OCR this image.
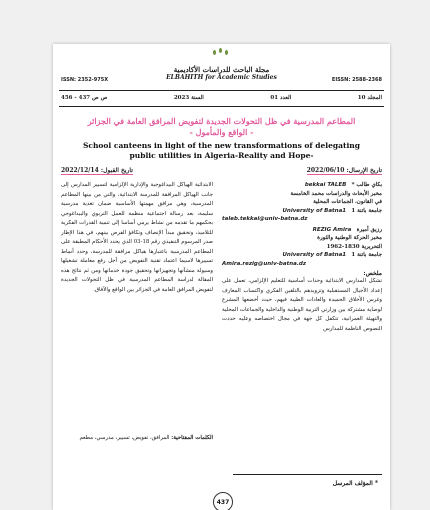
مجلة الباحث للدراسات الأكاديمية
ELBAHITH for Academic Studies
ISSN: 2352-975X	EISSN: 2588-2368
المجلد 10
العدد 01
السنة 2023
ص ص 437 - 456
المطاعم المدرسية في ظل التحولات الجديدة لتفويض المرافق العامة في الجزائر
- الواقع والمأمول -
School canteens in light of the new transformations of delegating
public utilities in Algeria-Reality and Hope-
تاريخ الإرسال: 2022/06/10
تاريخ القبول: 2022/12/14
بكاي طالب *   bekkai TALEB
مخبر الأبحاث والدراسات محمد الخامسة
في القانون، الجماعات المحلية
جامعة باتنة 1   University of Batna1
taleb.tekkai@univ-batna.dz
رزيق أميرة   REZIG Amira
مخبر الحركة الوطنية والثورة
التحريرية 1830-1962
جامعة باتنة 1   University of Batna1
Amira.rezig@univ-batna.dz
ملخص:

تشكل المدارس الابتدائية وحدات أساسية للتعليم الإلزامي، تعمل على إعداد الأجيال المستقبلية وتزويدهم بالتلقين الفكري واكتساب المعارف وغرس الأخلاق الحميدة والعادات الطيبة فيهم، حيث أخضعها المشرع لوصاية مشتركة بين وزارتي التربية الوطنية والداخلية والجماعات المحلية والتهيئة العمرانية، تتكفل كل جهة في مجال اختصاصه وعليه حددت النصوص الناظمة للمدارس

الابتدائية الهياكل البيداغوجية والإدارية الإلزامية لتسيير المدارس إلى جانب الهياكل المرافقة للمدرسة الابتدائية، والتي من بينها المطاعم المدرسية، وهي مرافق مهمتها الأساسية ضمان تغذية مدرسية سليمة، بعد رسالة اجتماعية منظمة للعمل التربوي والبيداغوجي بحكمهم ما تقدمه من نشاط يرمي أساسا إلى تنمية القدرات الفكرية للتلاميذ، وتحقيق مبدأ الإنصاف وتكافؤ الفرص بينهم، في هذا الإطار صدر المرسوم التنفيذي رقم 18-03 الذي يحدد الأحكام المطبقة على المطاعم المدرسية باعتبارها هياكل مرافقة للمدرسة، وحدد أنماط تسييرها لاسيما اعتماد تقنية التفويض من أجل رفع معاملة تشغيلها وسيولة منشآتها وتجهيزاتها وتحقيق جودة خدماتها ومن ثم نتائج هذه المقالة لدراسة المطاعم المدرسية في ظل التحولات الجديدة لتفويض المرافق العامة في الجزائر بين الواقع والآفاق.

الكلمات المفتاحية: المرافق، تفويض، تسيير، مدرسي، مطعم
* المؤلف المرسل
437
